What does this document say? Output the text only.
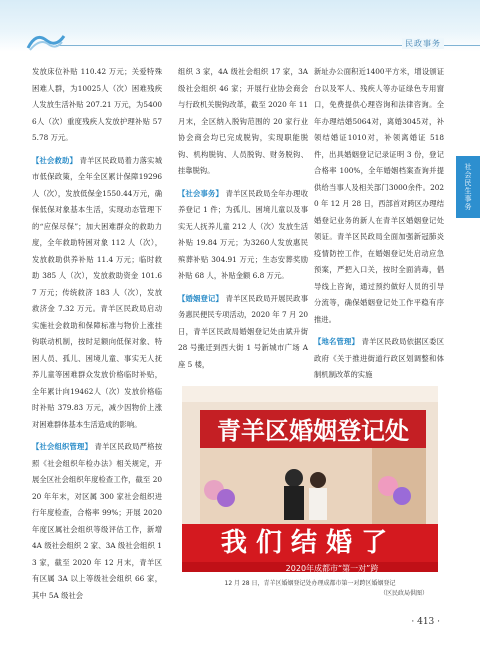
民政事务
社会民生事务

发放床位补贴 110.42 万元；关爱特殊困难人群，为10025人（次）困难残疾人发放生活补贴 207.21 万元，为54006人（次）重度残疾人发放护理补贴 575.78 万元。

【社会救助】 青羊区民政局着力落实城市低保政策，全年全区累计保障19296人（次），发放低保金1550.44万元，确保低保对象基本生活，实现动态管理下的“应保尽保”；加大困难群众的救助力度，全年救助特困对象 112 人（次），发放救助供养补贴 11.4 万元；临时救助 385 人（次），发放救助资金 101.67 万元；传统救济 183 人（次），发放救济金 7.32 万元。青羊区民政局启动实施社会救助和保障标准与物价上涨挂钩联动机制，按时足额向低保对象、特困人员、孤儿、困境儿童、事实无人抚养儿童等困难群众发放价格临时补贴，全年累计向19462人（次）发放价格临时补贴 379.83 万元，减少因物价上涨对困难群体基本生活造成的影响。

【社会组织管理】 青羊区民政局严格按照《社会组织年检办法》相关规定，开展全区社会组织年度检查工作，截至 2020 年年末，对区属 300 家社会组织进行年度检查，合格率 99%；开展 2020 年度区属社会组织等级评估工作，新增 4A 级社会组织 2 家、3A 级社会组织 13 家，截至 2020 年 12 月末，青羊区有区属 3A 以上等级社会组织 66 家，其中 5A 级社会

组织 3 家，4A 级社会组织 17 家，3A 级社会组织 46 家；开展行业协会商会与行政机关脱钩改革，截至 2020 年 11 月末，全区纳入脱钩范围的 20 家行业协会商会均已完成脱钩，实现职能脱钩、机构脱钩、人员脱钩、财务脱钩、挂靠脱钩。

【社会事务】 青羊区民政局全年办理收养登记 1 件；为孤儿、困境儿童以及事实无人抚养儿童 212 人（次）发放生活补贴 19.84 万元；为3260人发放惠民殡葬补贴 304.91 万元；生态安葬奖励补贴 68 人，补贴金额 6.8 万元。

【婚姻登记】 青羊区民政局开展民政事务惠民便民专项活动，2020 年 7 月 20 日，青羊区民政局婚姻登记处由斌升街 28 号搬迁到西大街 1 号新城市广场 A 座 5 楼，

新址办公面积近1400平方米，增设颁证台以及军人、残疾人等办证绿色专用窗口，免费提供心理咨询和法律咨询。全年办理结婚5064对，离婚3045对，补领结婚证1010对，补领离婚证 518 件，出具婚姻登记记录证明 3 份，登记合格率 100%，全年婚姻档案查询并提供给当事人及相关部门3000余件。2020 年 12 月 28 日，西部首对跨区办理结婚登记业务的新人在青羊区婚姻登记处领证。青羊区民政局全面加强新冠肺炎疫情防控工作，在婚姻登记处启动应急预案，严把入口关，按时全面消毒，倡导线上咨询，通过预约做好人员的引导分流等，确保婚姻登记处工作平稳有序推进。

【地名管理】 青羊区民政局依据区委区政府《关于推进街道行政区划调整和体制机制改革的实施

青羊区婚姻登记处
我 们 结 婚 了
2020年成都市“第一对”跨
12 月 28 日，青羊区婚姻登记处办理成都市第一对跨区婚姻登记
（区民政局供图）
· 413 ·
